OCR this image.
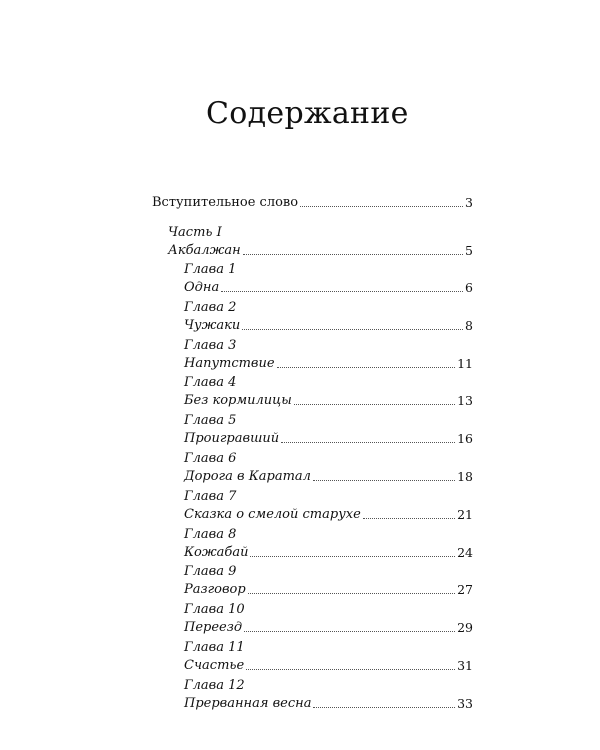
Содержание
Вступительное слово	3
Часть I
Акбалжан	5
Глава 1
Одна	6
Глава 2
Чужаки	8
Глава 3
Напутствие	11
Глава 4
Без кормилицы	13
Глава 5
Проигравший	16
Глава 6
Дорога в Каратал	18
Глава 7
Сказка о смелой старухе	21
Глава 8
Кожабай	24
Глава 9
Разговор	27
Глава 10
Переезд	29
Глава 11
Счастье	31
Глава 12
Прерванная весна	33
